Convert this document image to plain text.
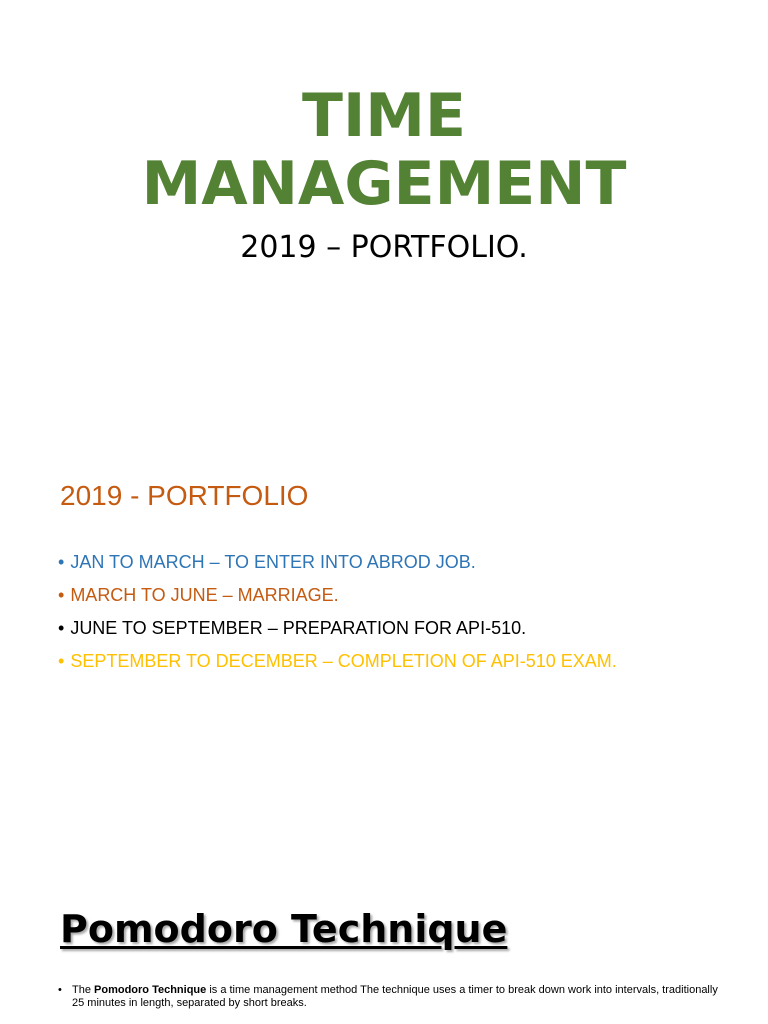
TIME
MANAGEMENT

2019 – PORTFOLIO.

2019 - PORTFOLIO
• JAN TO MARCH – TO ENTER INTO ABROD JOB.
• MARCH TO JUNE – MARRIAGE.
• JUNE TO SEPTEMBER – PREPARATION FOR API-510.
• SEPTEMBER TO DECEMBER – COMPLETION OF API-510 EXAM.
Pomodoro Technique

• The Pomodoro Technique is a time management method The technique uses a timer to break down work into intervals, traditionally 25 minutes in length, separated by short breaks.
